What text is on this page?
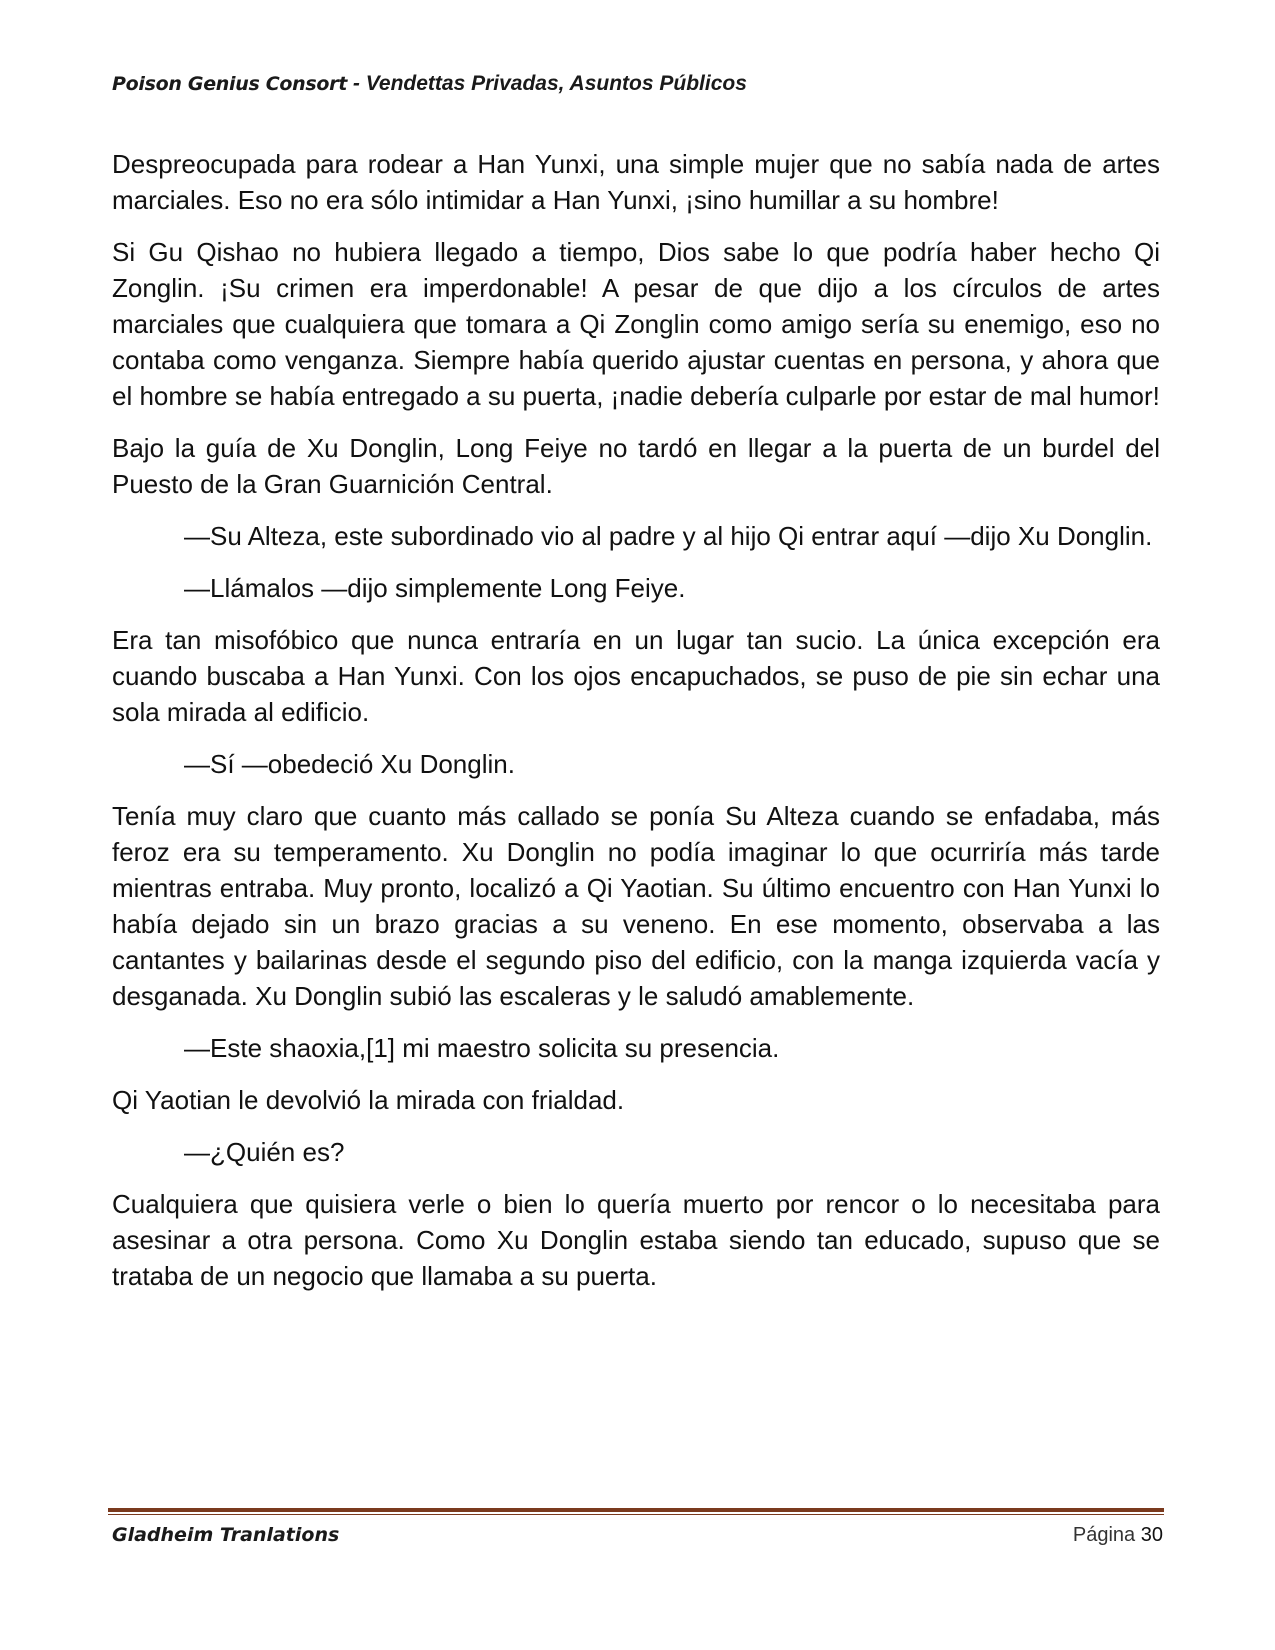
Poison Genius Consort - Vendettas Privadas, Asuntos Públicos

Despreocupada para rodear a Han Yunxi, una simple mujer que no sabía nada de artes marciales. Eso no era sólo intimidar a Han Yunxi, ¡sino humillar a su hombre!

Si Gu Qishao no hubiera llegado a tiempo, Dios sabe lo que podría haber hecho Qi Zonglin. ¡Su crimen era imperdonable! A pesar de que dijo a los círculos de artes marciales que cualquiera que tomara a Qi Zonglin como amigo sería su enemigo, eso no contaba como venganza. Siempre había querido ajustar cuentas en persona, y ahora que el hombre se había entregado a su puerta, ¡nadie debería culparle por estar de mal humor!

Bajo la guía de Xu Donglin, Long Feiye no tardó en llegar a la puerta de un burdel del Puesto de la Gran Guarnición Central.

—Su Alteza, este subordinado vio al padre y al hijo Qi entrar aquí —dijo Xu Donglin.

—Llámalos —dijo simplemente Long Feiye.

Era tan misofóbico que nunca entraría en un lugar tan sucio. La única excepción era cuando buscaba a Han Yunxi. Con los ojos encapuchados, se puso de pie sin echar una sola mirada al edificio.

—Sí —obedeció Xu Donglin.

Tenía muy claro que cuanto más callado se ponía Su Alteza cuando se enfadaba, más feroz era su temperamento. Xu Donglin no podía imaginar lo que ocurriría más tarde mientras entraba. Muy pronto, localizó a Qi Yaotian. Su último encuentro con Han Yunxi lo había dejado sin un brazo gracias a su veneno. En ese momento, observaba a las cantantes y bailarinas desde el segundo piso del edificio, con la manga izquierda vacía y desganada. Xu Donglin subió las escaleras y le saludó amablemente.

—Este shaoxia,[1] mi maestro solicita su presencia.

Qi Yaotian le devolvió la mirada con frialdad.

—¿Quién es?

Cualquiera que quisiera verle o bien lo quería muerto por rencor o lo necesitaba para asesinar a otra persona. Como Xu Donglin estaba siendo tan educado, supuso que se trataba de un negocio que llamaba a su puerta.

Gladheim Tranlations	Página 30
